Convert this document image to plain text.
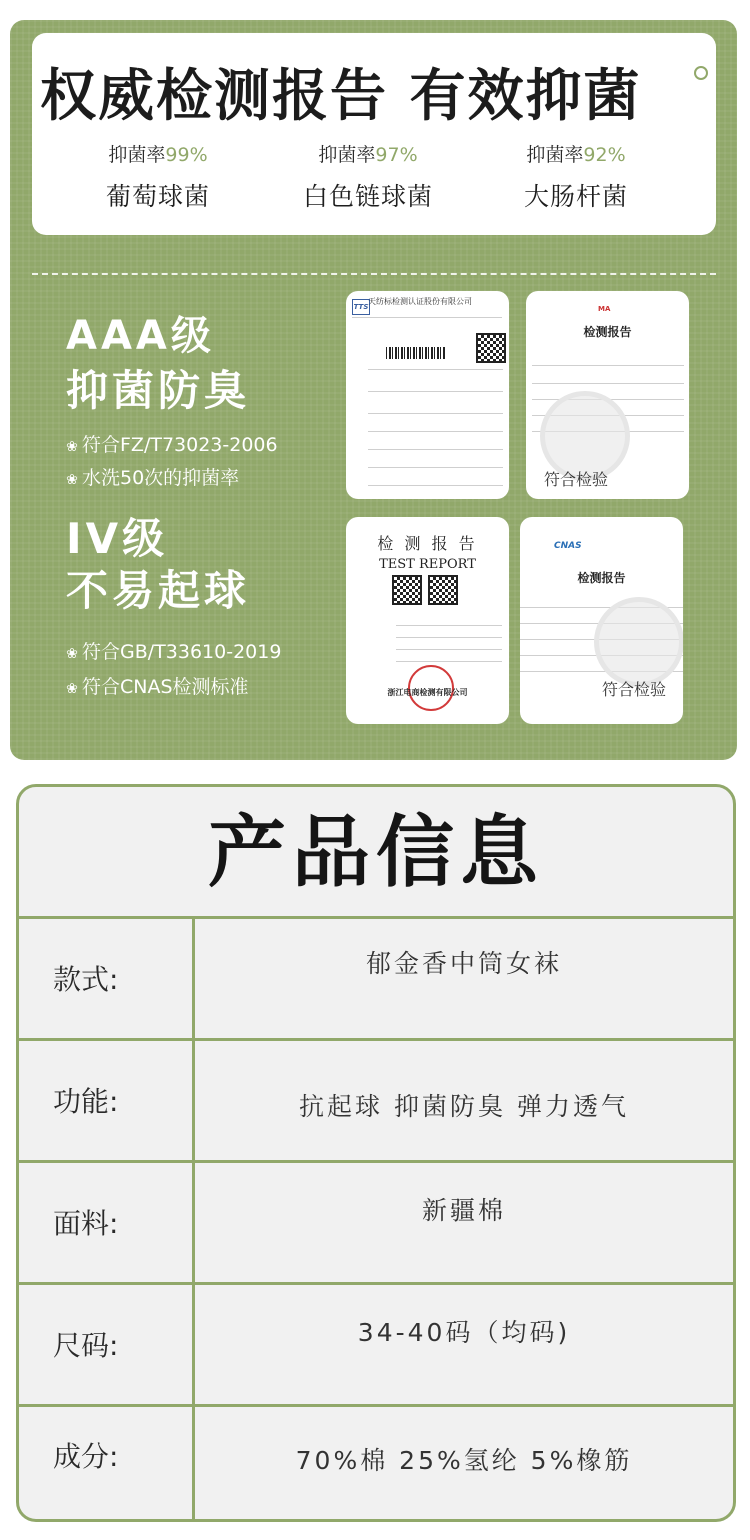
权威检测报告 有效抑菌
抑菌率99%
葡萄球菌
抑菌率97%
白色链球菌
抑菌率92%
大肠杆菌
AAA级
抑菌防臭
❀ 符合FZ/T73023-2006
❀ 水洗50次的抑菌率
IV级
不易起球
❀ 符合GB/T33610-2019
❀ 符合CNAS检测标准
TTS
天纺标检测认证股份有限公司
MA
检测报告
符合检验
检 测 报 告
TEST REPORT
浙江电商检测有限公司
CNAS
检测报告
符合检验
产品信息
款式:	郁金香中筒女袜
功能:	抗起球 抑菌防臭 弹力透气
面料:	新疆棉
尺码:	34-40码（均码)
成分:	70%棉 25%氢纶 5%橡筋
